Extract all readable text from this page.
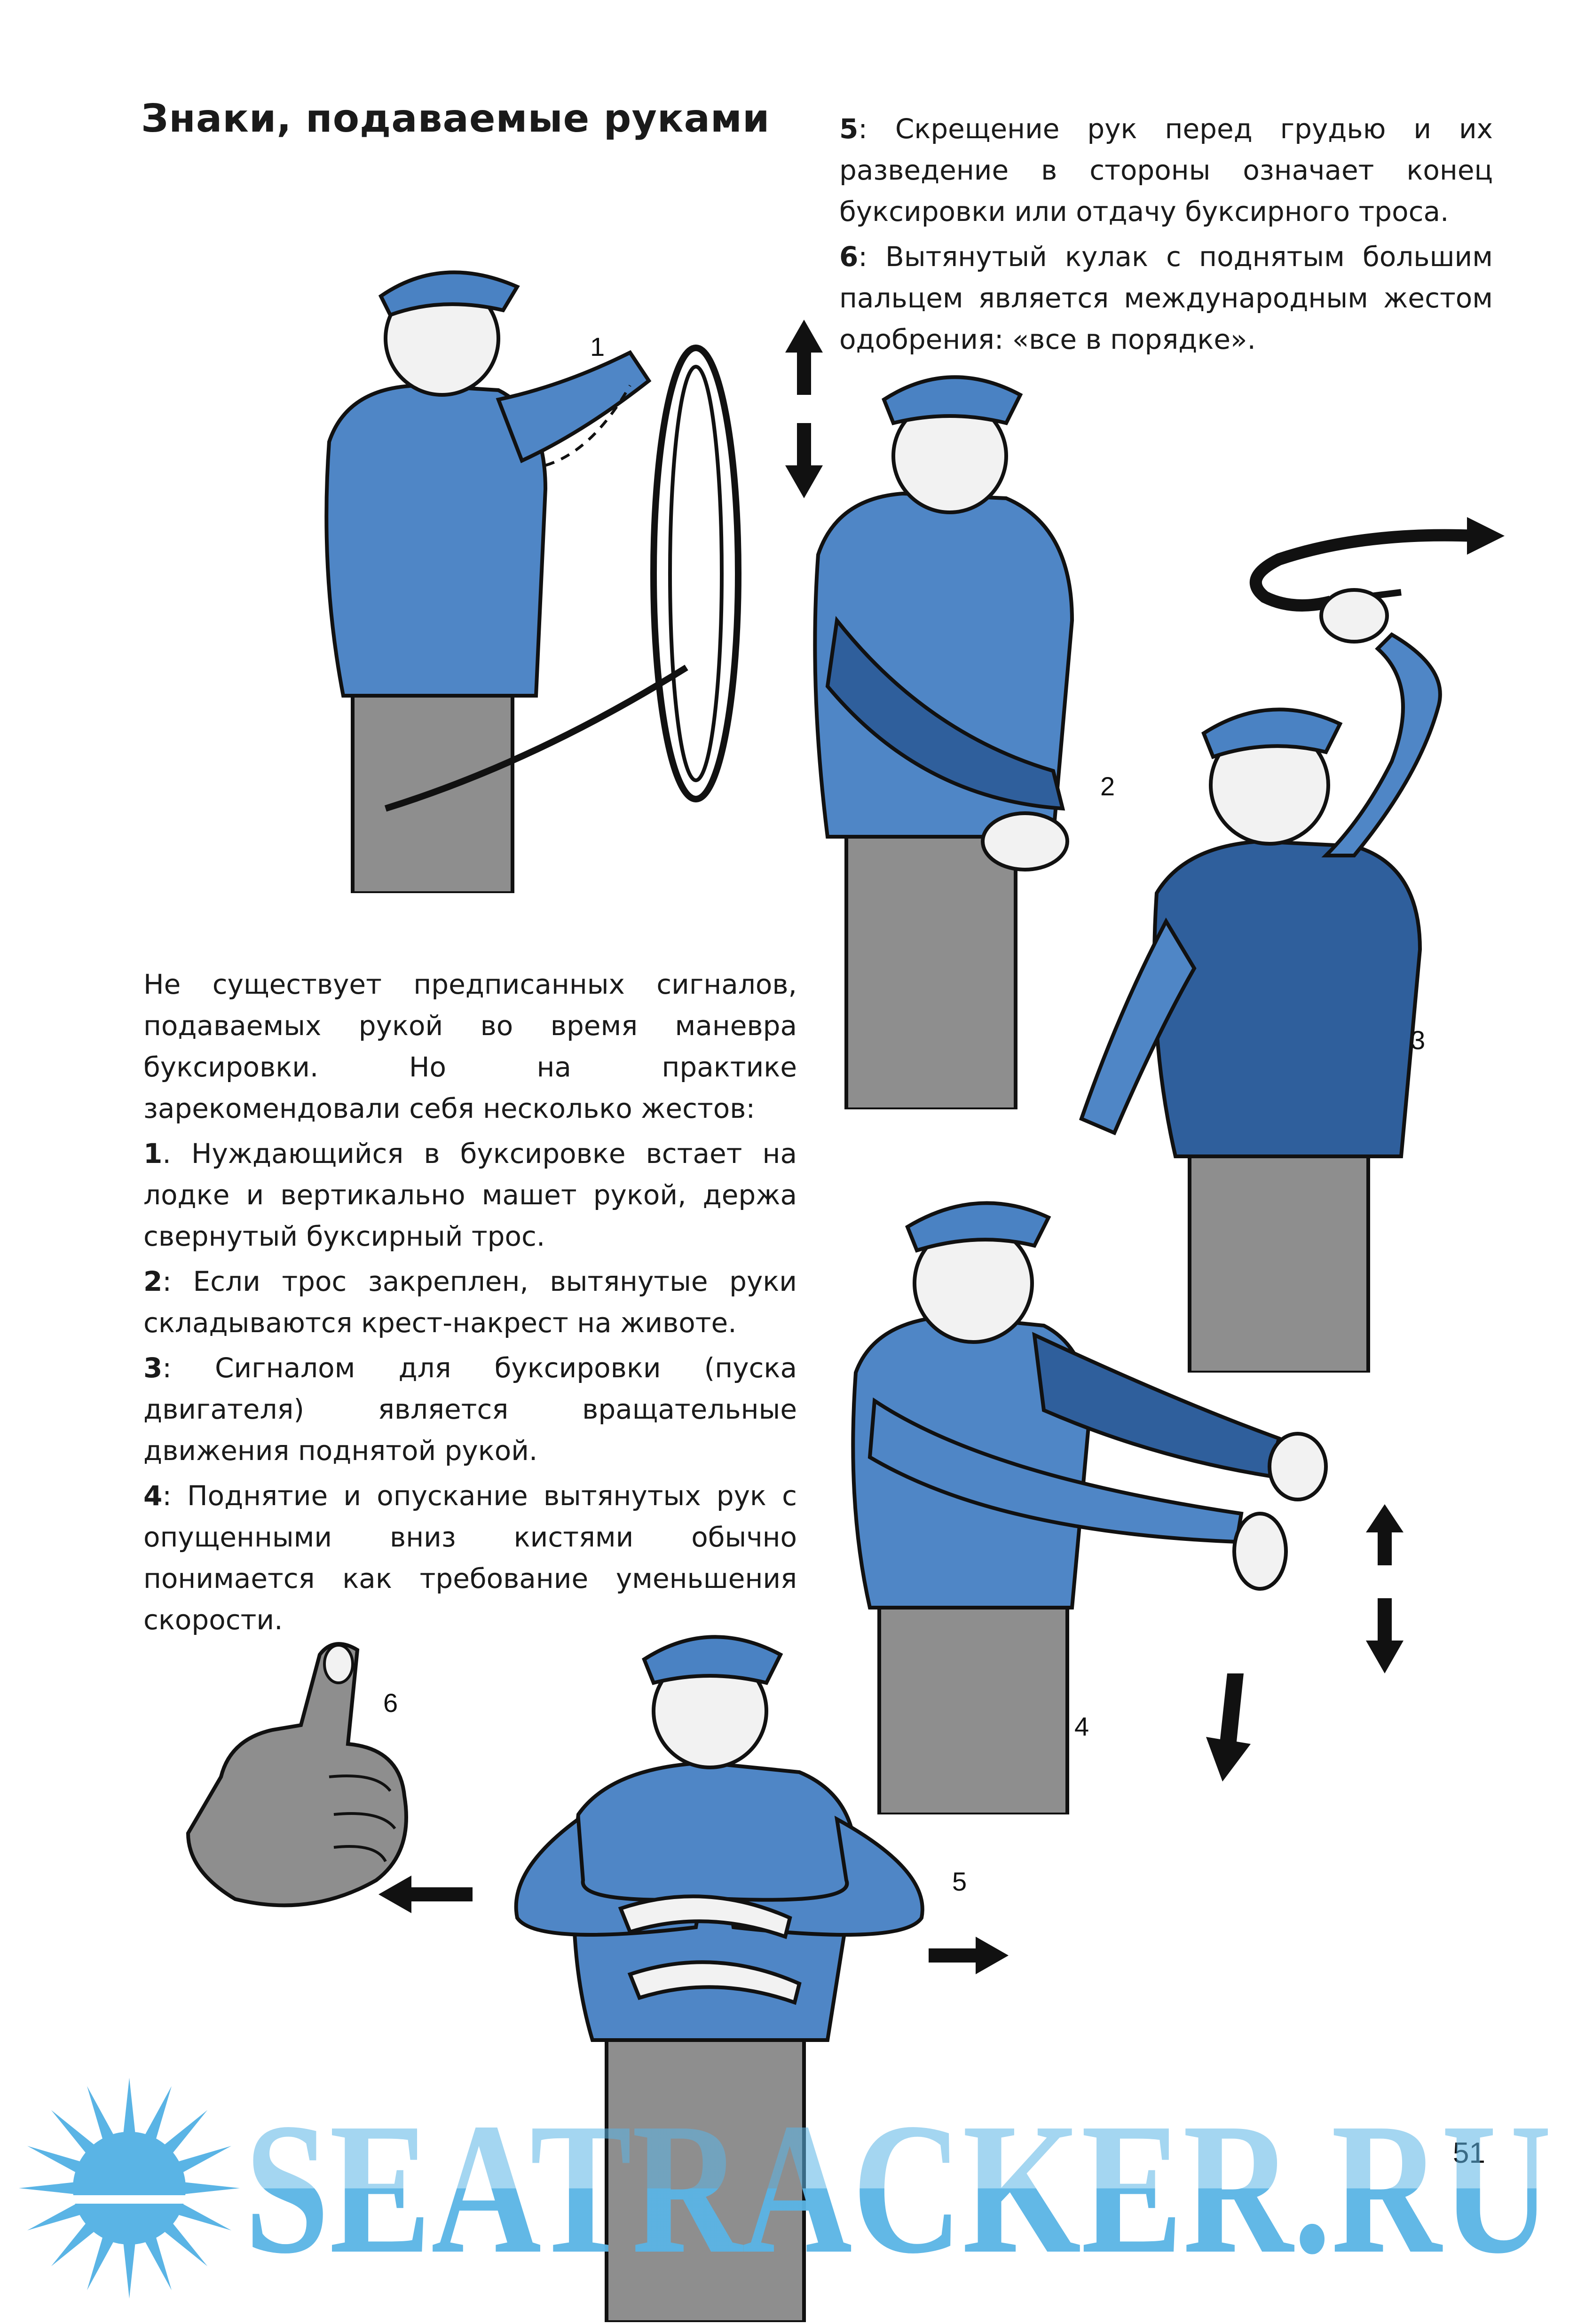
Знаки, подаваемые руками	5: Скрещение рук перед грудью и их разведение в стороны означает конец буксировки или отдачу буксирного троса.

6: Вытянутый кулак с поднятым большим пальцем является международным жестом одобрения: «все в порядке».

Не существует предписанных сигналов, подаваемых рукой во время маневра буксировки. Но на практике зарекомендовали себя несколько жестов:

1. Нуждающийся в буксировке встает на лодке и вертикально машет рукой, держа свернутый буксирный трос.

2: Если трос закреплен, вытянутые руки складываются крест-накрест на животе.

3: Сигналом для буксировки (пуска двигателя) является вращательные движения поднятой рукой.

4: Поднятие и опускание вытянутых рук с опущенными вниз кистями обычно понимается как требование уменьшения скорости.

1
2
3
4
5
6
51
SEATRACKER.RU
